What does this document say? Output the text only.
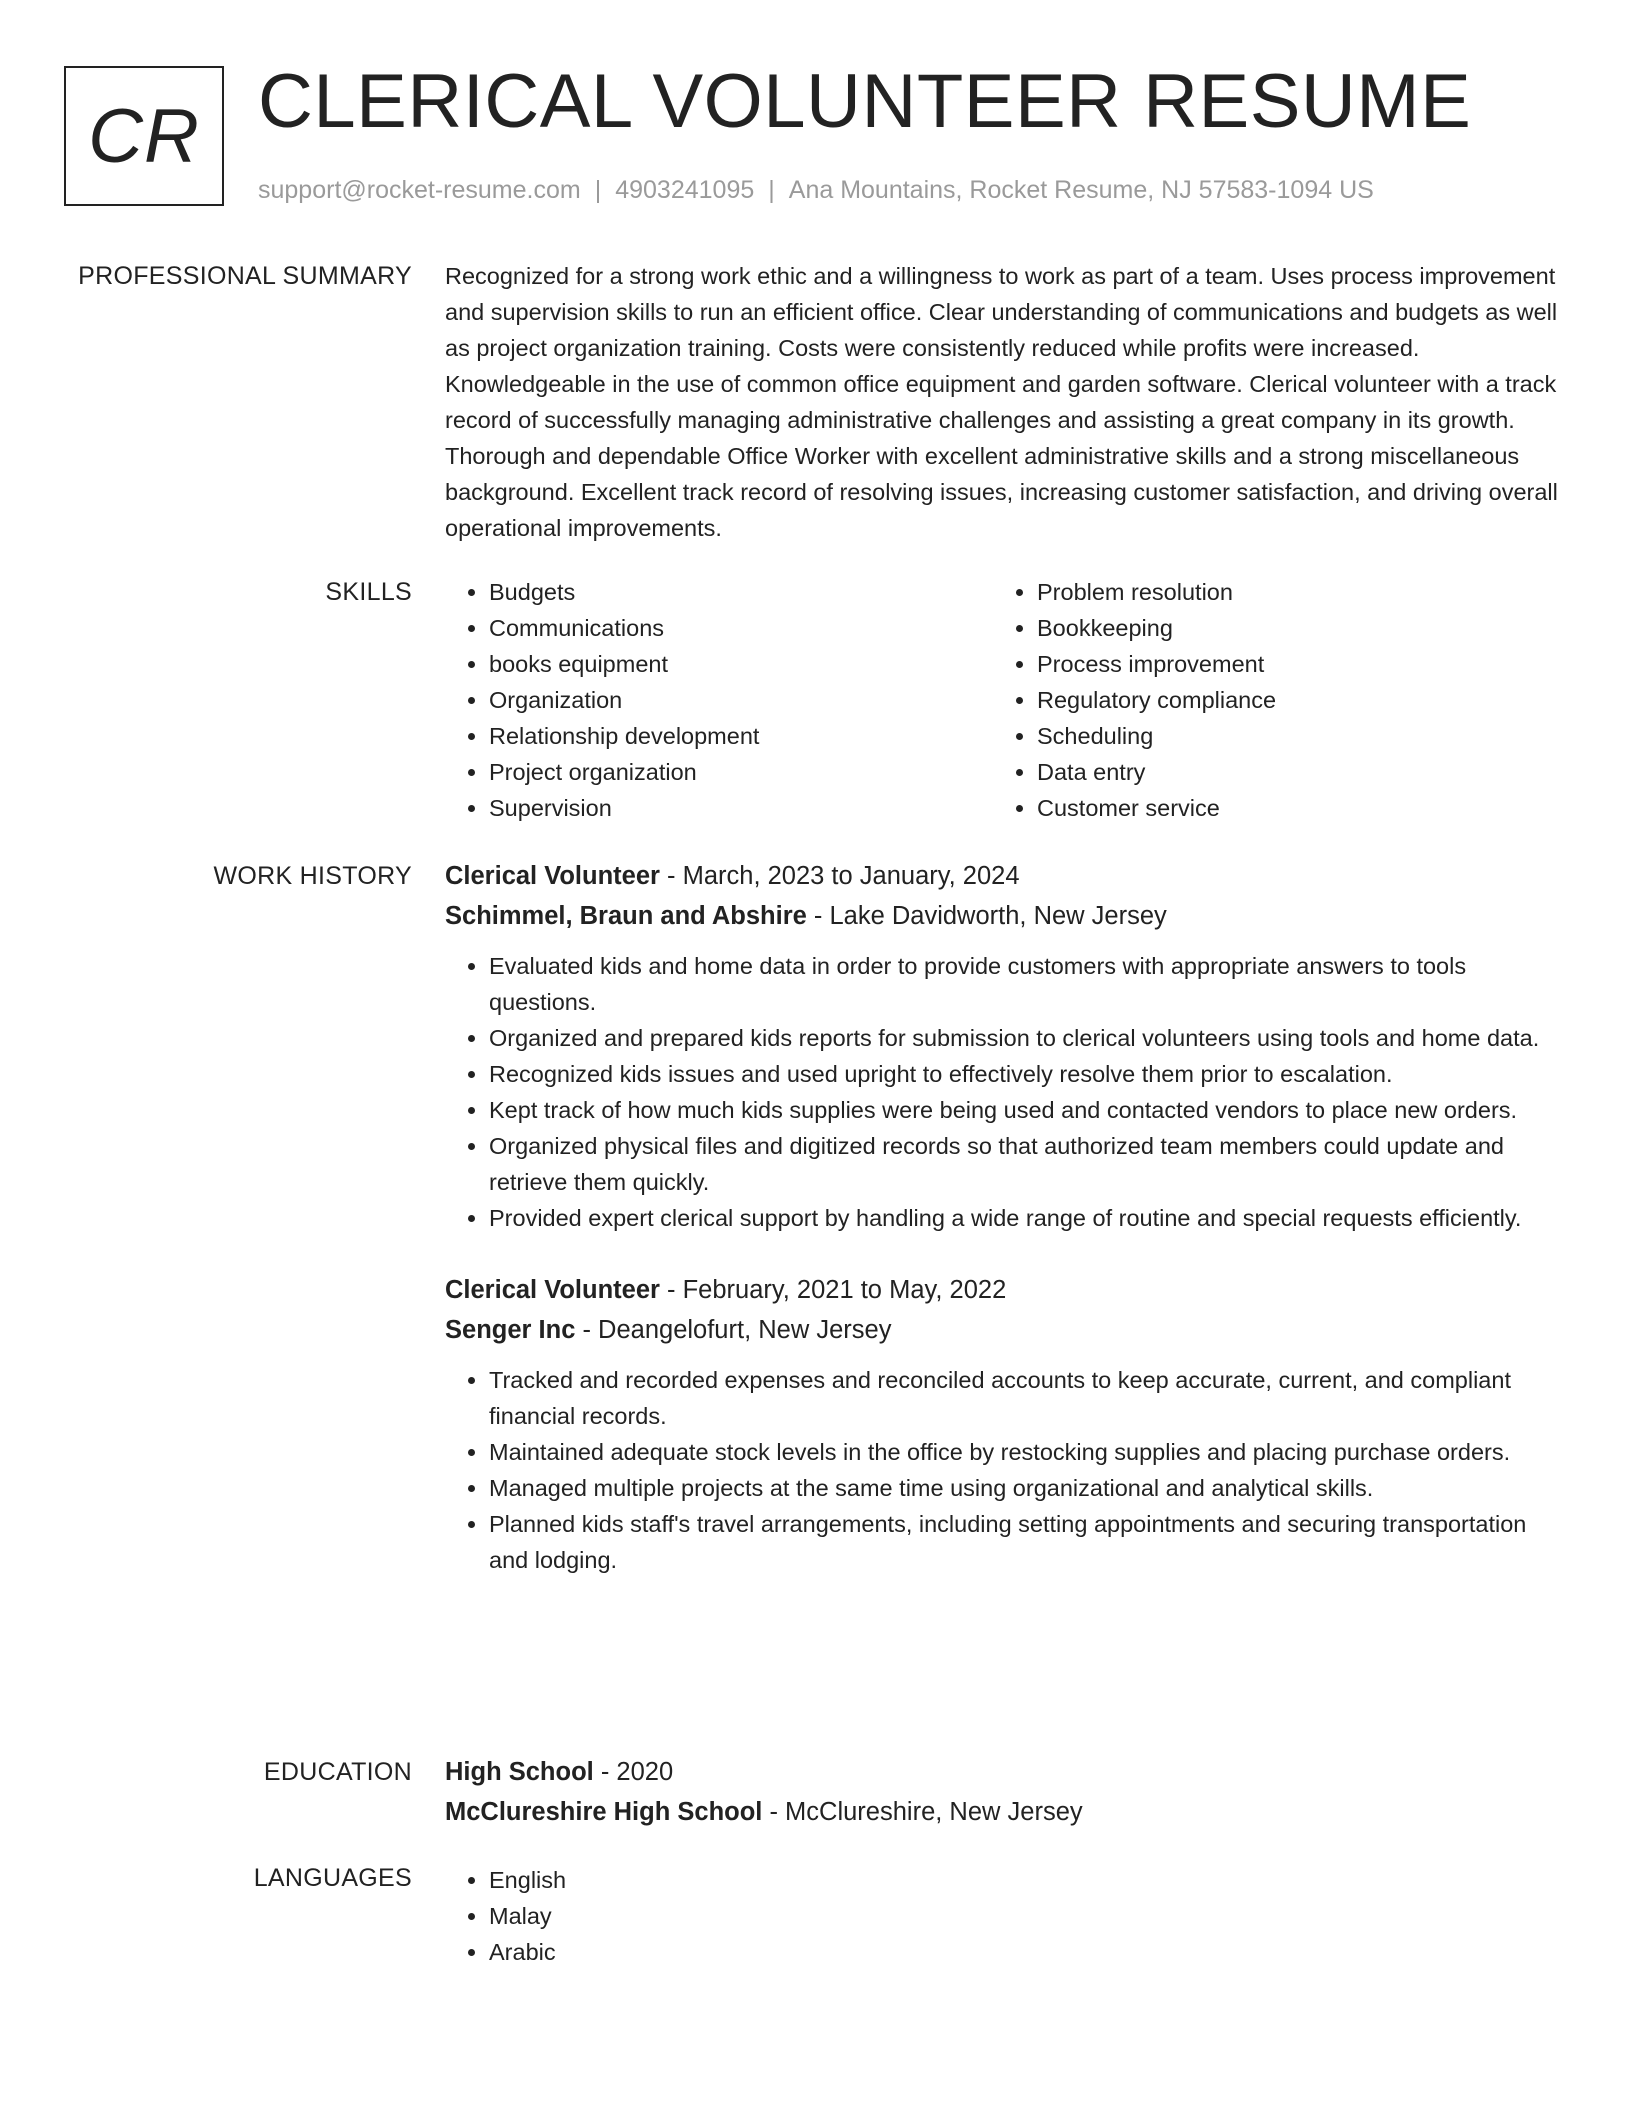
CR CLERICAL VOLUNTEER RESUME
support@rocket-resume.com | 4903241095 | Ana Mountains, Rocket Resume, NJ 57583-1094 US
PROFESSIONAL SUMMARY Recognized for a strong work ethic and a willingness to work as part of a team. Uses process improvement and supervision skills to run an efficient office. Clear understanding of communications and budgets as well as project organization training. Costs were consistently reduced while profits were increased. Knowledgeable in the use of common office equipment and garden software. Clerical volunteer with a track record of successfully managing administrative challenges and assisting a great company in its growth. Thorough and dependable Office Worker with excellent administrative skills and a strong miscellaneous background. Excellent track record of resolving issues, increasing customer satisfaction, and driving overall operational improvements.

SKILLS	• Budgets
• Communications
• books equipment
• Organization
• Relationship development
• Project organization
• Supervision
• Problem resolution
• Bookkeeping
• Process improvement
• Regulatory compliance
• Scheduling
• Data entry
• Customer service
WORK HISTORY Clerical Volunteer - March, 2023 to January, 2024
Schimmel, Braun and Abshire - Lake Davidworth, New Jersey
• Evaluated kids and home data in order to provide customers with appropriate answers to tools questions.
• Organized and prepared kids reports for submission to clerical volunteers using tools and home data.
• Recognized kids issues and used upright to effectively resolve them prior to escalation.
• Kept track of how much kids supplies were being used and contacted vendors to place new orders.
• Organized physical files and digitized records so that authorized team members could update and retrieve them quickly.
• Provided expert clerical support by handling a wide range of routine and special requests efficiently.
Clerical Volunteer - February, 2021 to May, 2022
Senger Inc - Deangelofurt, New Jersey
• Tracked and recorded expenses and reconciled accounts to keep accurate, current, and compliant financial records.
• Maintained adequate stock levels in the office by restocking supplies and placing purchase orders.
• Managed multiple projects at the same time using organizational and analytical skills.
• Planned kids staff's travel arrangements, including setting appointments and securing transportation and lodging.
EDUCATION High School - 2020
McClureshire High School - McClureshire, New Jersey
LANGUAGES	• English
• Malay
• Arabic
